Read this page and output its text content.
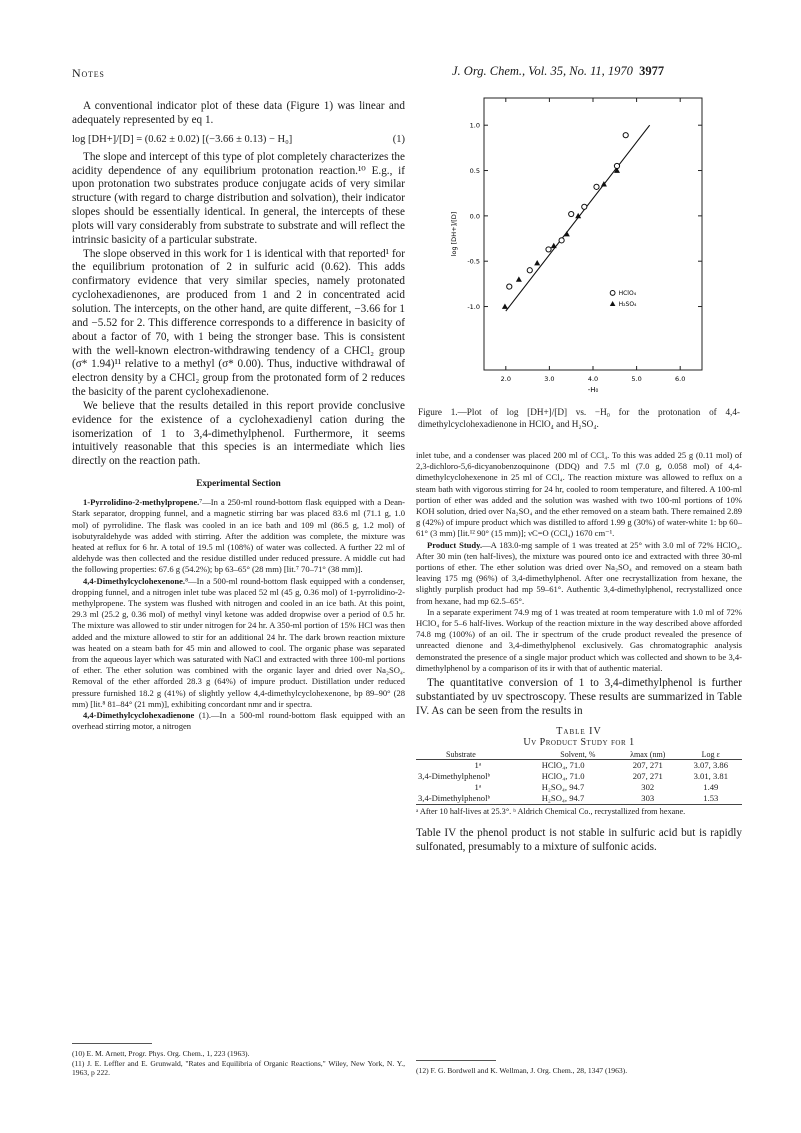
Notes	J. Org. Chem., Vol. 35, No. 11, 1970 3977

A conventional indicator plot of these data (Figure 1) was linear and adequately represented by eq 1.

log [DH+]/[D] = (0.62 ± 0.02) [(−3.66 ± 0.13) − H₀]	(1)

The slope and intercept of this type of plot completely characterizes the acidity dependence of any equilibrium protonation reaction.¹⁰ E.g., if upon protonation two substrates produce conjugate acids of very similar structure (with regard to charge distribution and solvation), their indicator slopes should be essentially identical. In general, the intercepts of these plots will vary considerably from substrate to substrate and will reflect the intrinsic basicity of a particular substrate.

The slope observed in this work for 1 is identical with that reported¹ for the equilibrium protonation of 2 in sulfuric acid (0.62). This adds confirmatory evidence that very similar species, namely protonated cyclohexadienones, are produced from 1 and 2 in concentrated acid solution. The intercepts, on the other hand, are quite different, −3.66 for 1 and −5.52 for 2. This difference corresponds to a difference in basicity of about a factor of 70, with 1 being the stronger base. This is consistent with the well-known electron-withdrawing tendency of a CHCl₂ group (σ* 1.94)¹¹ relative to a methyl (σ* 0.00). Thus, inductive withdrawal of electron density by a CHCl₂ group from the protonated form of 2 reduces the basicity of the parent cyclohexadienone.

We believe that the results detailed in this report provide conclusive evidence for the existence of a cyclohexadienyl cation during the isomerization of 1 to 3,4-dimethylphenol. Furthermore, it seems intuitively reasonable that this species is an intermediate which lies directly on the reaction path.

Experimental Section

1-Pyrrolidino-2-methylpropene.⁷—In a 250-ml round-bottom flask equipped with a Dean-Stark separator, dropping funnel, and a magnetic stirring bar was placed 83.6 ml (71.1 g, 1.0 mol) of pyrrolidine. The flask was cooled in an ice bath and 109 ml (86.5 g, 1.2 mol) of isobutyraldehyde was added with stirring. After the addition was complete, the mixture was heated at reflux for 6 hr. A total of 19.5 ml (108%) of water was collected. A further 22 ml of aldehyde was then collected and the residue distilled under reduced pressure. A middle cut had the following properties: 67.6 g (54.2%); bp 63–65° (28 mm) [lit.⁷ 70–71° (38 mm)].

4,4-Dimethylcyclohexenone.⁸—In a 500-ml round-bottom flask equipped with a condenser, dropping funnel, and a nitrogen inlet tube was placed 52 ml (45 g, 0.36 mol) of 1-pyrrolidino-2-methylpropene. The system was flushed with nitrogen and cooled in an ice bath. At this point, 29.3 ml (25.2 g, 0.36 mol) of methyl vinyl ketone was added dropwise over a period of 0.5 hr. The mixture was allowed to stir under nitrogen for 24 hr. A 350-ml portion of 15% HCl was then added and the mixture allowed to stir for an additional 24 hr. The dark brown reaction mixture was heated on a steam bath for 45 min and allowed to cool. The organic phase was separated from the aqueous layer which was saturated with NaCl and extracted with three 100-ml portions of ether. The ether solution was combined with the organic layer and dried over Na₂SO₄. Removal of the ether afforded 28.3 g (64%) of impure product. Distillation under reduced pressure furnished 18.2 g (41%) of slightly yellow 4,4-dimethylcyclohexenone, bp 89–90° (28 mm) [lit.⁸ 81–84° (21 mm)], exhibiting concordant nmr and ir spectra.

4,4-Dimethylcyclohexadienone (1).—In a 500-ml round-bottom flask equipped with an overhead stirring motor, a nitrogen

(10) E. M. Arnett, Progr. Phys. Org. Chem., 1, 223 (1963).

(11) J. E. Leffler and E. Grunwald, "Rates and Equilibria of Organic Reactions," Wiley, New York, N. Y., 1963, p 222.

2.0	3.0	4.0	5.0	6.0
1.0
0.5
0.0
-0.5
-1.0
-H₀
log [DH+]/[D]
HClO₄
H₂SO₄
Figure 1.—Plot of log [DH+]/[D] vs. −H₀ for the protonation of 4,4-dimethylcyclohexadienone in HClO₄ and H₂SO₄.

inlet tube, and a condenser was placed 200 ml of CCl₄. To this was added 25 g (0.11 mol) of 2,3-dichloro-5,6-dicyanobenzoquinone (DDQ) and 7.5 ml (7.0 g, 0.058 mol) of 4,4-dimethylcyclohexenone in 25 ml of CCl₄. The reaction mixture was allowed to reflux on a steam bath with vigorous stirring for 24 hr, cooled to room temperature, and filtered. A 100-ml portion of ether was added and the solution was washed with two 100-ml portions of 10% KOH solution, dried over Na₂SO₄ and the ether removed on a steam bath. There remained 2.89 g (42%) of impure product which was distilled to afford 1.99 g (30%) of water-white 1: bp 60–61° (3 mm) [lit.¹² 90° (15 mm)]; νC=O (CCl₄) 1670 cm⁻¹.

Product Study.—A 183.0-mg sample of 1 was treated at 25° with 3.0 ml of 72% HClO₄. After 30 min (ten half-lives), the mixture was poured onto ice and extracted with three 30-ml portions of ether. The ether solution was dried over Na₂SO₄ and removed on a steam bath leaving 175 mg (96%) of 3,4-dimethylphenol. After one recrystallization from hexane, the slightly purplish product had mp 59–61°. Authentic 3,4-dimethylphenol, recrystallized once from hexane, had mp 62.5–65°.

In a separate experiment 74.9 mg of 1 was treated at room temperature with 1.0 ml of 72% HClO₄ for 5–6 half-lives. Workup of the reaction mixture in the way described above afforded 74.8 mg (100%) of an oil. The ir spectrum of the crude product revealed the presence of unreacted dienone and 3,4-dimethylphenol exclusively. Gas chromatographic analysis demonstrated the presence of a single major product which was collected and shown to be 3,4-dimethylphenol by a comparison of its ir with that of authentic material.

The quantitative conversion of 1 to 3,4-dimethylphenol is further substantiated by uv spectroscopy. These results are summarized in Table IV. As can be seen from the results in

Table IV
Uv Product Study for 1
Substrate	Solvent, %	λmax (nm)	Log ε
1ᵃ	HClO₄, 71.0	207, 271	3.07, 3.86
3,4-Dimethylphenolᵇ	HClO₄, 71.0	207, 271	3.01, 3.81
1ᵃ	H₂SO₄, 94.7	302	1.49
3,4-Dimethylphenolᵇ	H₂SO₄, 94.7	303	1.53

ᵃ After 10 half-lives at 25.3°. ᵇ Aldrich Chemical Co., recrystallized from hexane.

Table IV the phenol product is not stable in sulfuric acid but is rapidly sulfonated, presumably to a mixture of sulfonic acids.

(12) F. G. Bordwell and K. Wellman, J. Org. Chem., 28, 1347 (1963).
